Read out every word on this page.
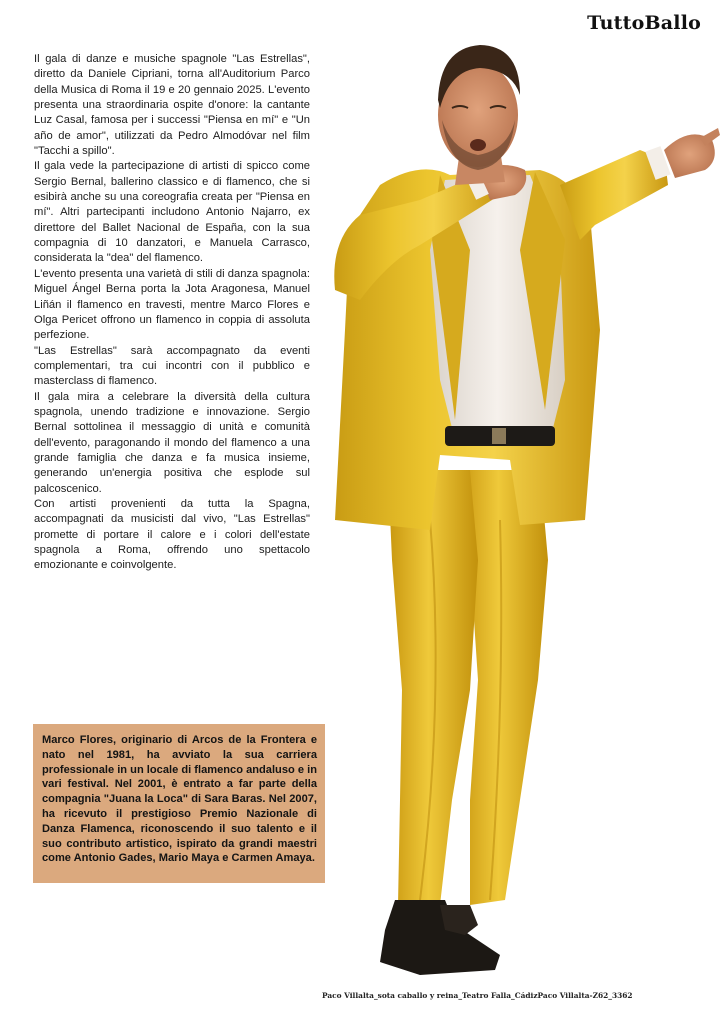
TuttoBallo

Il gala di danze e musiche spagnole "Las Estrellas", diretto da Daniele Cipriani, torna all'Auditorium Parco della Musica di Roma il 19 e 20 gennaio 2025. L'evento presenta una straordinaria ospite d'onore: la cantante Luz Casal, famosa per i successi "Piensa en mí" e "Un año de amor", utilizzati da Pedro Almodóvar nel film "Tacchi a spillo".

Il gala vede la partecipazione di artisti di spicco come Sergio Bernal, ballerino classico e di flamenco, che si esibirà anche su una coreografia creata per "Piensa en mí". Altri partecipanti includono Antonio Najarro, ex direttore del Ballet Nacional de España, con la sua compagnia di 10 danzatori, e Manuela Carrasco, considerata la "dea" del flamenco.

L'evento presenta una varietà di stili di danza spagnola: Miguel Ángel Berna porta la Jota Aragonesa, Manuel Liñán il flamenco en travesti, mentre Marco Flores e Olga Pericet offrono un flamenco in coppia di assoluta perfezione.

"Las Estrellas" sarà accompagnato da eventi complementari, tra cui incontri con il pubblico e masterclass di flamenco.

Il gala mira a celebrare la diversità della cultura spagnola, unendo tradizione e innovazione. Sergio Bernal sottolinea il messaggio di unità e comunità dell'evento, paragonando il mondo del flamenco a una grande famiglia che danza e fa musica insieme, generando un'energia positiva che esplode sul palcoscenico.

Con artisti provenienti da tutta la Spagna, accompagnati da musicisti dal vivo, "Las Estrellas" promette di portare il calore e i colori dell'estate spagnola a Roma, offrendo uno spettacolo emozionante e coinvolgente.

Marco Flores, originario di Arcos de la Frontera e nato nel 1981, ha avviato la sua carriera professionale in un locale di flamenco andaluso e in vari festival. Nel 2001, è entrato a far parte della compagnia "Juana la Loca" di Sara Baras. Nel 2007, ha ricevuto il prestigioso Premio Nazionale di Danza Flamenca, riconoscendo il suo talento e il suo contributo artistico, ispirato da grandi maestri come Antonio Gades, Mario Maya e Carmen Amaya.

Paco Villalta_sota caballo y reina_Teatro Falla_CádizPaco Villalta-Z62_3362
